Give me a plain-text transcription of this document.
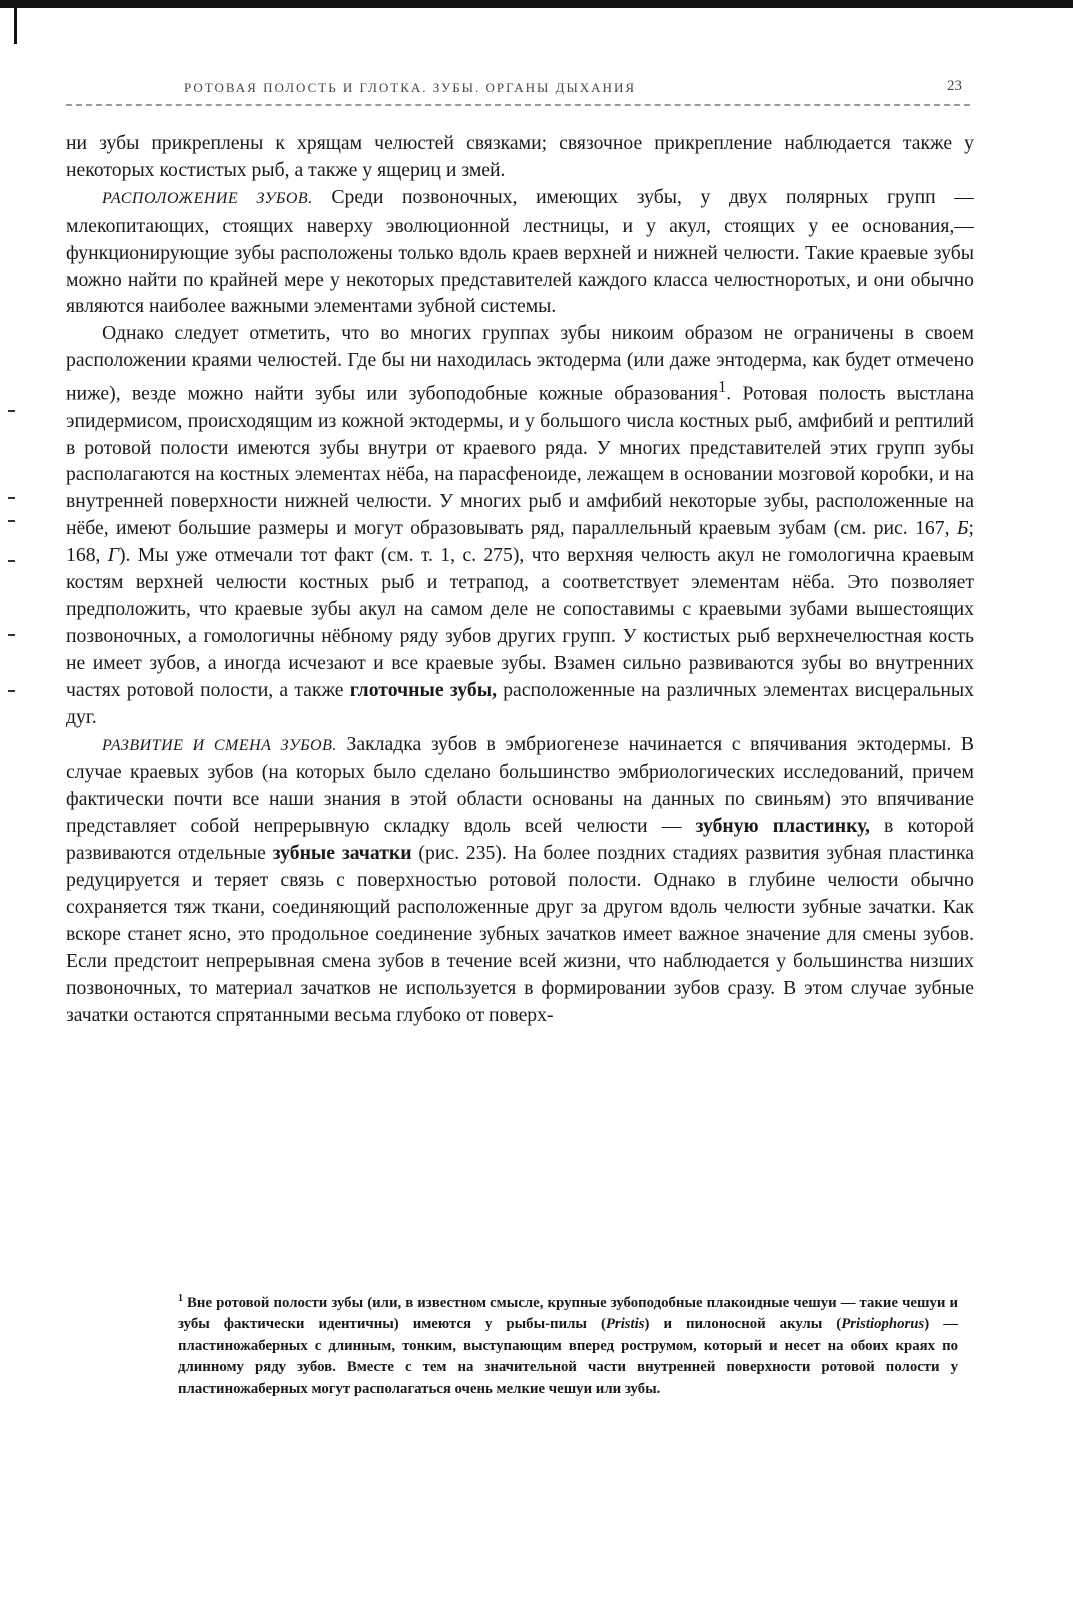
РОТОВАЯ ПОЛОСТЬ И ГЛОТКА. ЗУБЫ. ОРГАНЫ ДЫХАНИЯ	23

ни зубы прикреплены к хрящам челюстей связками; связочное прикрепление наблюдается также у некоторых костистых рыб, а также у ящериц и змей.

РАСПОЛОЖЕНИЕ ЗУБОВ. Среди позвоночных, имеющих зубы, у двух полярных групп — млекопитающих, стоящих наверху эволюционной лестницы, и у акул, стоящих у ее основания,— функционирующие зубы расположены только вдоль краев верхней и нижней челюсти. Такие краевые зубы можно найти по крайней мере у некоторых представителей каждого класса челюстноротых, и они обычно являются наиболее важными элементами зубной системы.

Однако следует отметить, что во многих группах зубы никоим образом не ограничены в своем расположении краями челюстей. Где бы ни находилась эктодерма (или даже энтодерма, как будет отмечено ниже), везде можно найти зубы или зубоподобные кожные образования$^1$. Ротовая полость выстлана эпидермисом, происходящим из кожной эктодермы, и у большого числа костных рыб, амфибий и рептилий в ротовой полости имеются зубы внутри от краевого ряда. У многих представителей этих групп зубы располагаются на костных элементах нёба, на парасфеноиде, лежащем в основании мозговой коробки, и на внутренней поверхности нижней челюсти. У многих рыб и амфибий некоторые зубы, расположенные на нёбе, имеют большие размеры и могут образовывать ряд, параллельный краевым зубам (см. рис. 167, Б; 168, Г). Мы уже отмечали тот факт (см. т. 1, с. 275), что верхняя челюсть акул не гомологична краевым костям верхней челюсти костных рыб и тетрапод, а соответствует элементам нёба. Это позволяет предположить, что краевые зубы акул на самом деле не сопоставимы с краевыми зубами вышестоящих позвоночных, а гомологичны нёбному ряду зубов других групп. У костистых рыб верхнечелюстная кость не имеет зубов, а иногда исчезают и все краевые зубы. Взамен сильно развиваются зубы во внутренних частях ротовой полости, а также глоточные зубы, расположенные на различных элементах висцеральных дуг.

РАЗВИТИЕ И СМЕНА ЗУБОВ. Закладка зубов в эмбриогенезе начинается с впячивания эктодермы. В случае краевых зубов (на которых было сделано большинство эмбриологических исследований, причем фактически почти все наши знания в этой области основаны на данных по свиньям) это впячивание представляет собой непрерывную складку вдоль всей челюсти — зубную пластинку, в которой развиваются отдельные зубные зачатки (рис. 235). На более поздних стадиях развития зубная пластинка редуцируется и теряет связь с поверхностью ротовой полости. Однако в глубине челюсти обычно сохраняется тяж ткани, соединяющий расположенные друг за другом вдоль челюсти зубные зачатки. Как вскоре станет ясно, это продольное соединение зубных зачатков имеет важное значение для смены зубов. Если предстоит непрерывная смена зубов в течение всей жизни, что наблюдается у большинства низших позвоночных, то материал зачатков не используется в формировании зубов сразу. В этом случае зубные зачатки остаются спрятанными весьма глубоко от поверх-

$^1$ Вне ротовой полости зубы (или, в известном смысле, крупные зубоподобные плакоидные чешуи — такие чешуи и зубы фактически идентичны) имеются у рыбы-пилы (Pristis) и пилоносной акулы (Pristiophorus) — пластиножаберных с длинным, тонким, выступающим вперед рострумом, который и несет на обоих краях по длинному ряду зубов. Вместе с тем на значительной части внутренней поверхности ротовой полости у пластиножаберных могут располагаться очень мелкие чешуи или зубы.
